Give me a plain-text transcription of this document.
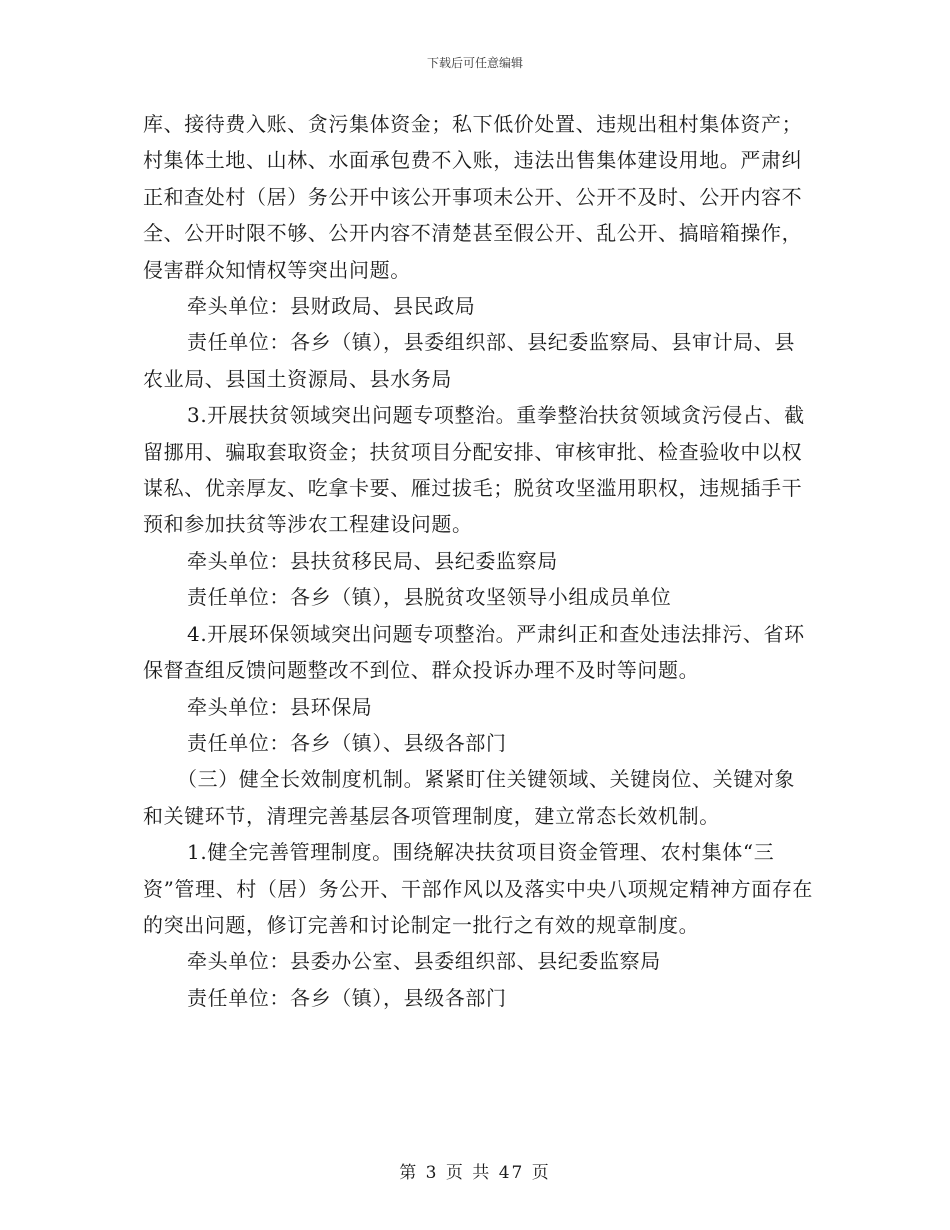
下载后可任意编辑

库、接待费入账、贪污集体资金；私下低价处置、违规出租村集体资产；村集体土地、山林、水面承包费不入账，违法出售集体建设用地。严肃纠正和查处村（居）务公开中该公开事项未公开、公开不及时、公开内容不全、公开时限不够、公开内容不清楚甚至假公开、乱公开、搞暗箱操作，侵害群众知情权等突出问题。

牵头单位：县财政局、县民政局

责任单位：各乡（镇），县委组织部、县纪委监察局、县审计局、县农业局、县国土资源局、县水务局

3.开展扶贫领域突出问题专项整治。重拳整治扶贫领域贪污侵占、截留挪用、骗取套取资金；扶贫项目分配安排、审核审批、检查验收中以权谋私、优亲厚友、吃拿卡要、雁过拔毛；脱贫攻坚滥用职权，违规插手干预和参加扶贫等涉农工程建设问题。

牵头单位：县扶贫移民局、县纪委监察局

责任单位：各乡（镇），县脱贫攻坚领导小组成员单位

4.开展环保领域突出问题专项整治。严肃纠正和查处违法排污、省环保督查组反馈问题整改不到位、群众投诉办理不及时等问题。

牵头单位：县环保局

责任单位：各乡（镇）、县级各部门

（三）健全长效制度机制。紧紧盯住关键领域、关键岗位、关键对象和关键环节，清理完善基层各项管理制度，建立常态长效机制。

1.健全完善管理制度。围绕解决扶贫项目资金管理、农村集体“三资”管理、村（居）务公开、干部作风以及落实中央八项规定精神方面存在的突出问题，修订完善和讨论制定一批行之有效的规章制度。

牵头单位：县委办公室、县委组织部、县纪委监察局

责任单位：各乡（镇），县级各部门

第 3 页 共 47 页
